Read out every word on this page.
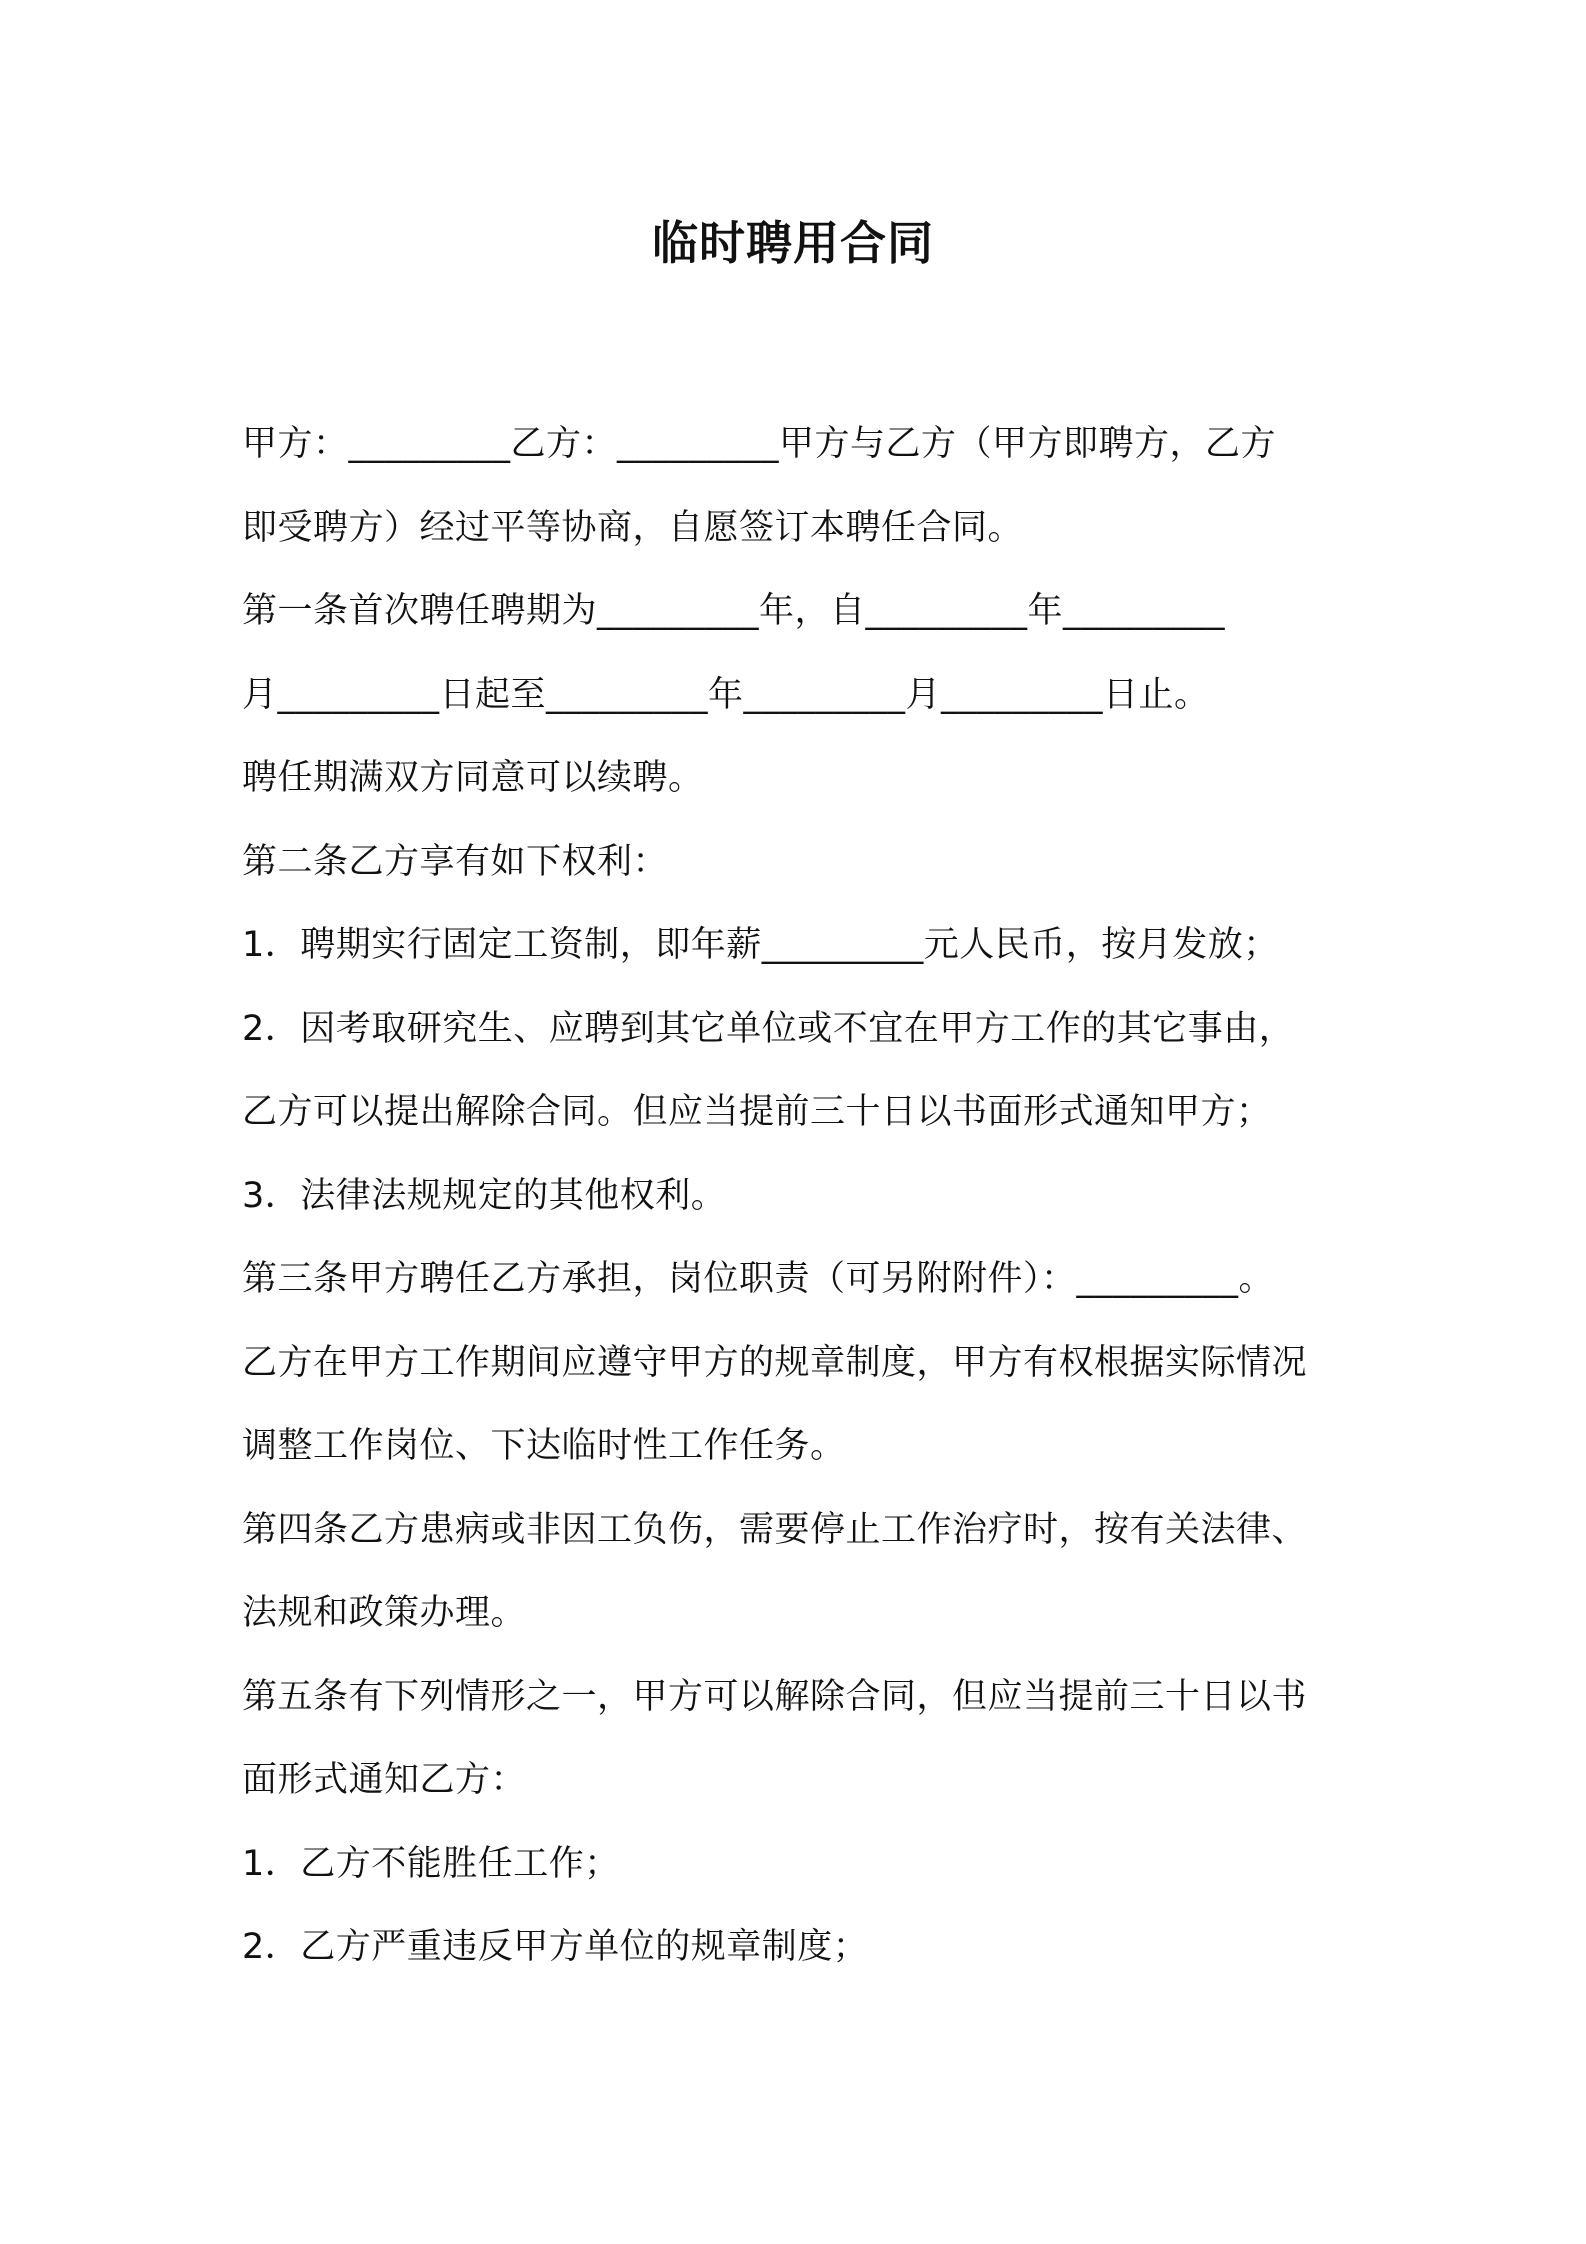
临时聘用合同
甲方：_________乙方：_________甲方与乙方（甲方即聘方，乙方
即受聘方）经过平等协商，自愿签订本聘任合同。
第一条首次聘任聘期为_________年，自_________年_________
月_________日起至_________年_________月_________日止。
聘任期满双方同意可以续聘。
第二条乙方享有如下权利：
1．聘期实行固定工资制，即年薪_________元人民币，按月发放；
2．因考取研究生、应聘到其它单位或不宜在甲方工作的其它事由，
乙方可以提出解除合同。但应当提前三十日以书面形式通知甲方；
3．法律法规规定的其他权利。
第三条甲方聘任乙方承担，岗位职责（可另附附件）：_________。
乙方在甲方工作期间应遵守甲方的规章制度，甲方有权根据实际情况
调整工作岗位、下达临时性工作任务。
第四条乙方患病或非因工负伤，需要停止工作治疗时，按有关法律、
法规和政策办理。
第五条有下列情形之一，甲方可以解除合同，但应当提前三十日以书
面形式通知乙方：
1．乙方不能胜任工作；
2．乙方严重违反甲方单位的规章制度；
